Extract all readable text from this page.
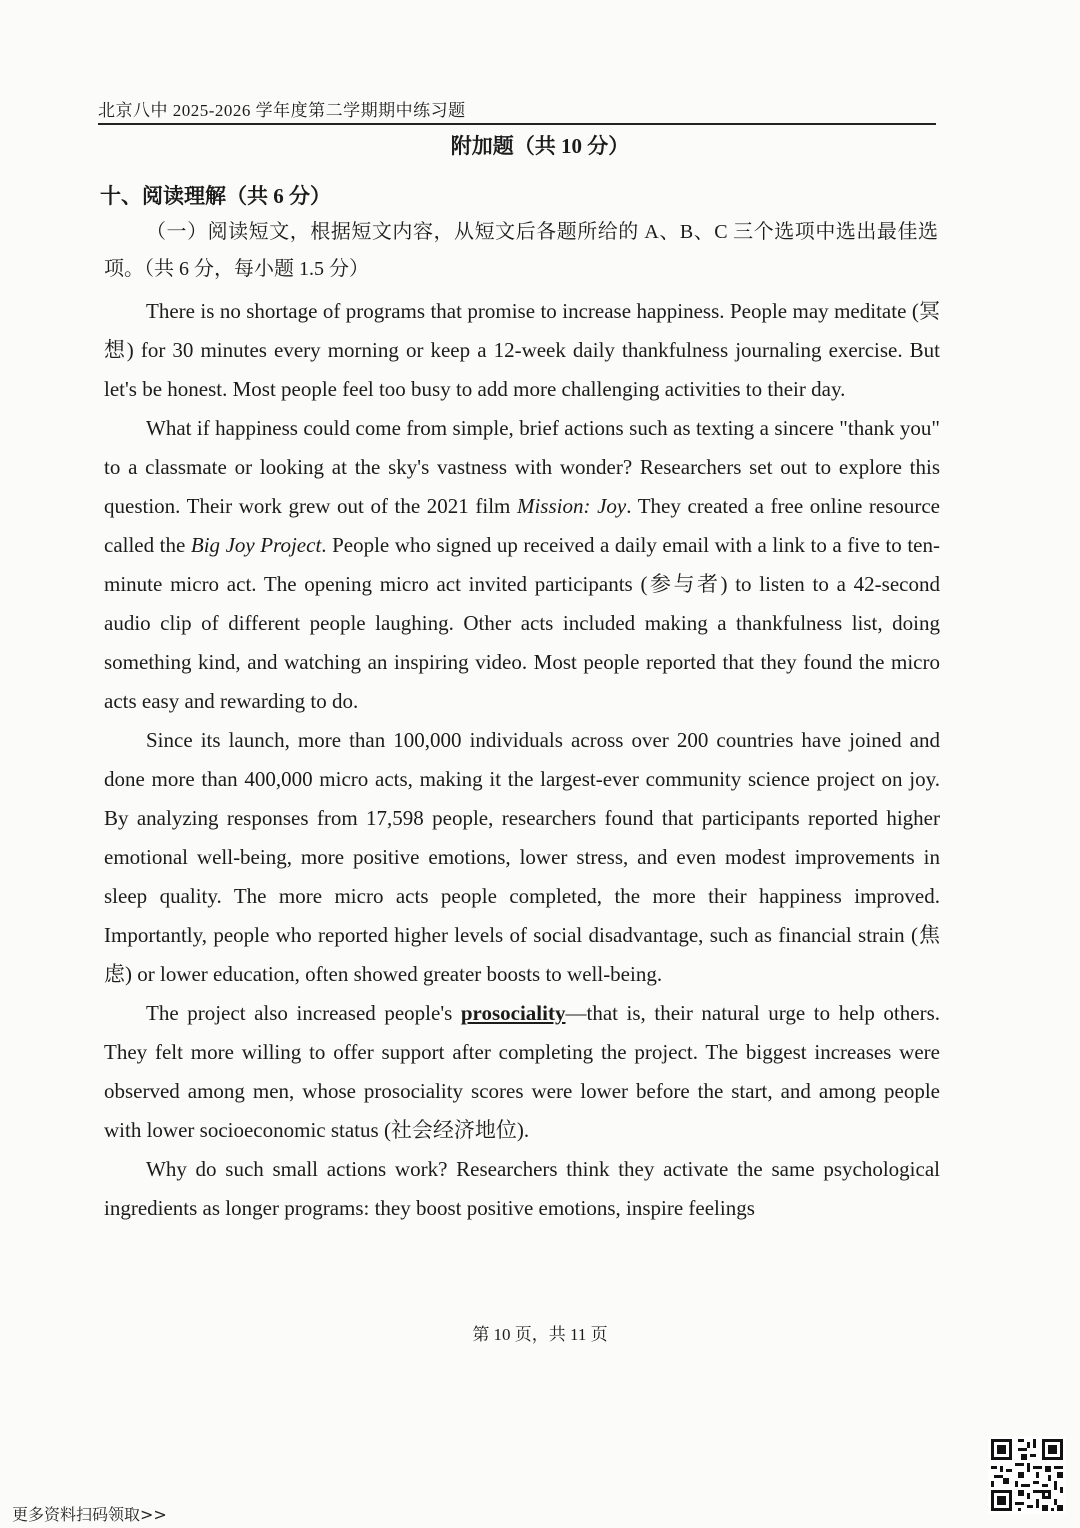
北京八中 2025-2026 学年度第二学期期中练习题
附加题（共 10 分）
十、阅读理解（共 6 分）
（一）阅读短文，根据短文内容，从短文后各题所给的 A、B、C 三个选项中选出最佳选项。（共 6 分，每小题 1.5 分）

There is no shortage of programs that promise to increase happiness. People may meditate (冥想) for 30 minutes every morning or keep a 12-week daily thankfulness journaling exercise. But let's be honest. Most people feel too busy to add more challenging activities to their day.

What if happiness could come from simple, brief actions such as texting a sincere "thank you" to a classmate or looking at the sky's vastness with wonder? Researchers set out to explore this question. Their work grew out of the 2021 film Mission: Joy. They created a free online resource called the Big Joy Project. People who signed up received a daily email with a link to a five to ten-minute micro act. The opening micro act invited participants (参与者) to listen to a 42-second audio clip of different people laughing. Other acts included making a thankfulness list, doing something kind, and watching an inspiring video. Most people reported that they found the micro acts easy and rewarding to do.

Since its launch, more than 100,000 individuals across over 200 countries have joined and done more than 400,000 micro acts, making it the largest-ever community science project on joy. By analyzing responses from 17,598 people, researchers found that participants reported higher emotional well-being, more positive emotions, lower stress, and even modest improvements in sleep quality. The more micro acts people completed, the more their happiness improved. Importantly, people who reported higher levels of social disadvantage, such as financial strain (焦虑) or lower education, often showed greater boosts to well-being.

The project also increased people's prosociality—that is, their natural urge to help others. They felt more willing to offer support after completing the project. The biggest increases were observed among men, whose prosociality scores were lower before the start, and among people with lower socioeconomic status (社会经济地位).

Why do such small actions work? Researchers think they activate the same psychological ingredients as longer programs: they boost positive emotions, inspire feelings

第 10 页，共 11 页
更多资料扫码领取>>
